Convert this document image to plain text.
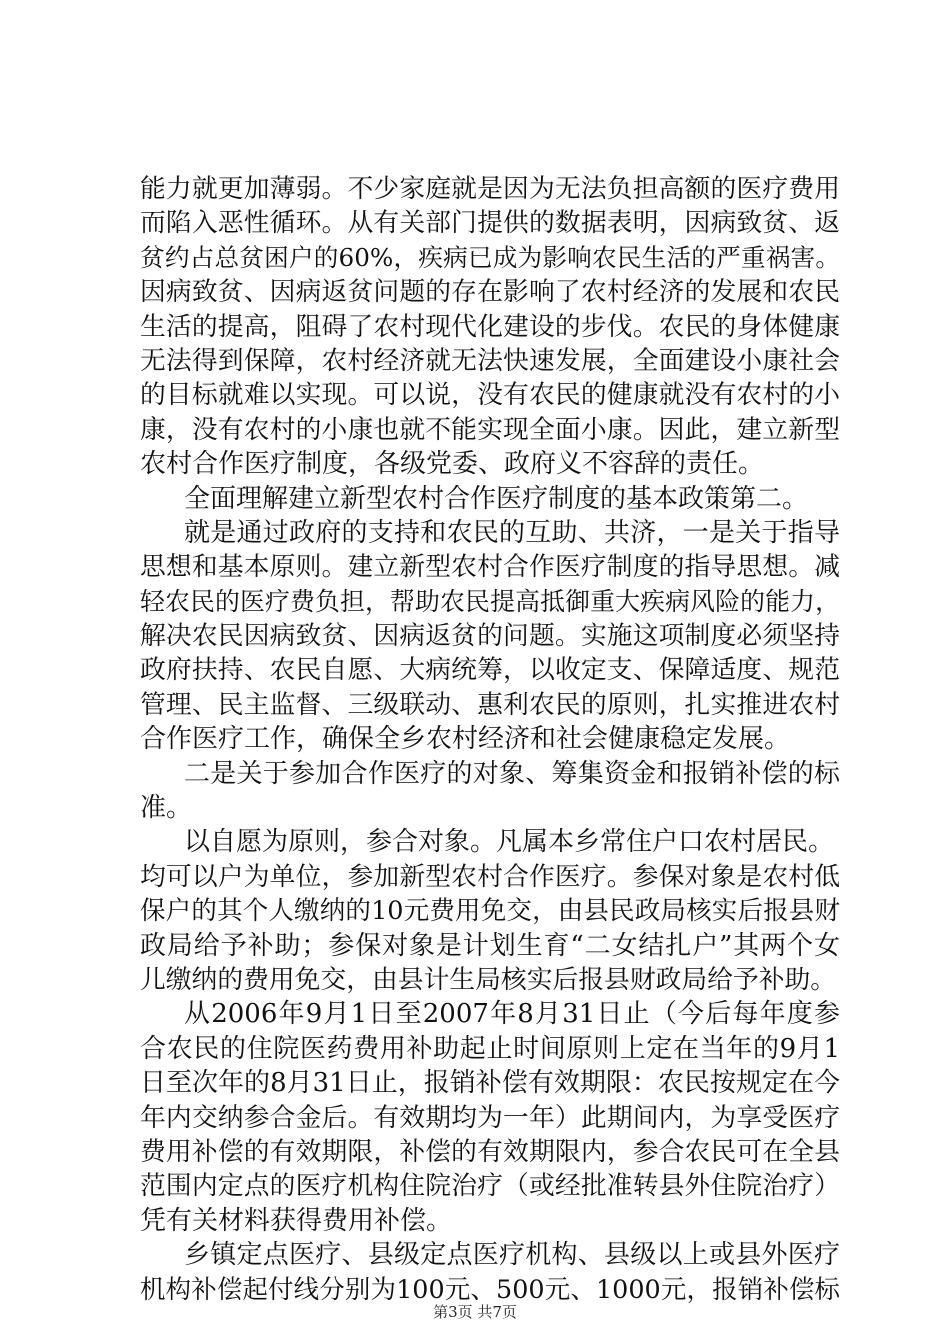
能力就更加薄弱。不少家庭就是因为无法负担高额的医疗费用
而陷入恶性循环。从有关部门提供的数据表明，因病致贫、返
贫约占总贫困户的60%，疾病已成为影响农民生活的严重祸害。
因病致贫、因病返贫问题的存在影响了农村经济的发展和农民
生活的提高，阻碍了农村现代化建设的步伐。农民的身体健康
无法得到保障，农村经济就无法快速发展，全面建设小康社会
的目标就难以实现。可以说，没有农民的健康就没有农村的小
康，没有农村的小康也就不能实现全面小康。因此，建立新型
农村合作医疗制度，各级党委、政府义不容辞的责任。
全面理解建立新型农村合作医疗制度的基本政策第二。
就是通过政府的支持和农民的互助、共济，一是关于指导
思想和基本原则。建立新型农村合作医疗制度的指导思想。减
轻农民的医疗费负担，帮助农民提高抵御重大疾病风险的能力，
解决农民因病致贫、因病返贫的问题。实施这项制度必须坚持
政府扶持、农民自愿、大病统筹，以收定支、保障适度、规范
管理、民主监督、三级联动、惠利农民的原则，扎实推进农村
合作医疗工作，确保全乡农村经济和社会健康稳定发展。
二是关于参加合作医疗的对象、筹集资金和报销补偿的标
准。
以自愿为原则，参合对象。凡属本乡常住户口农村居民。
均可以户为单位，参加新型农村合作医疗。参保对象是农村低
保户的其个人缴纳的10元费用免交，由县民政局核实后报县财
政局给予补助；参保对象是计划生育“二女结扎户”其两个女
儿缴纳的费用免交，由县计生局核实后报县财政局给予补助。
从2006年9月1日至2007年8月31日止（今后每年度参
合农民的住院医药费用补助起止时间原则上定在当年的9月1
日至次年的8月31日止，报销补偿有效期限：农民按规定在今
年内交纳参合金后。有效期均为一年）此期间内，为享受医疗
费用补偿的有效期限，补偿的有效期限内，参合农民可在全县
范围内定点的医疗机构住院治疗（或经批准转县外住院治疗）
凭有关材料获得费用补偿。
乡镇定点医疗、县级定点医疗机构、县级以上或县外医疗
机构补偿起付线分别为100元、500元、1000元，报销补偿标
第3页 共7页
